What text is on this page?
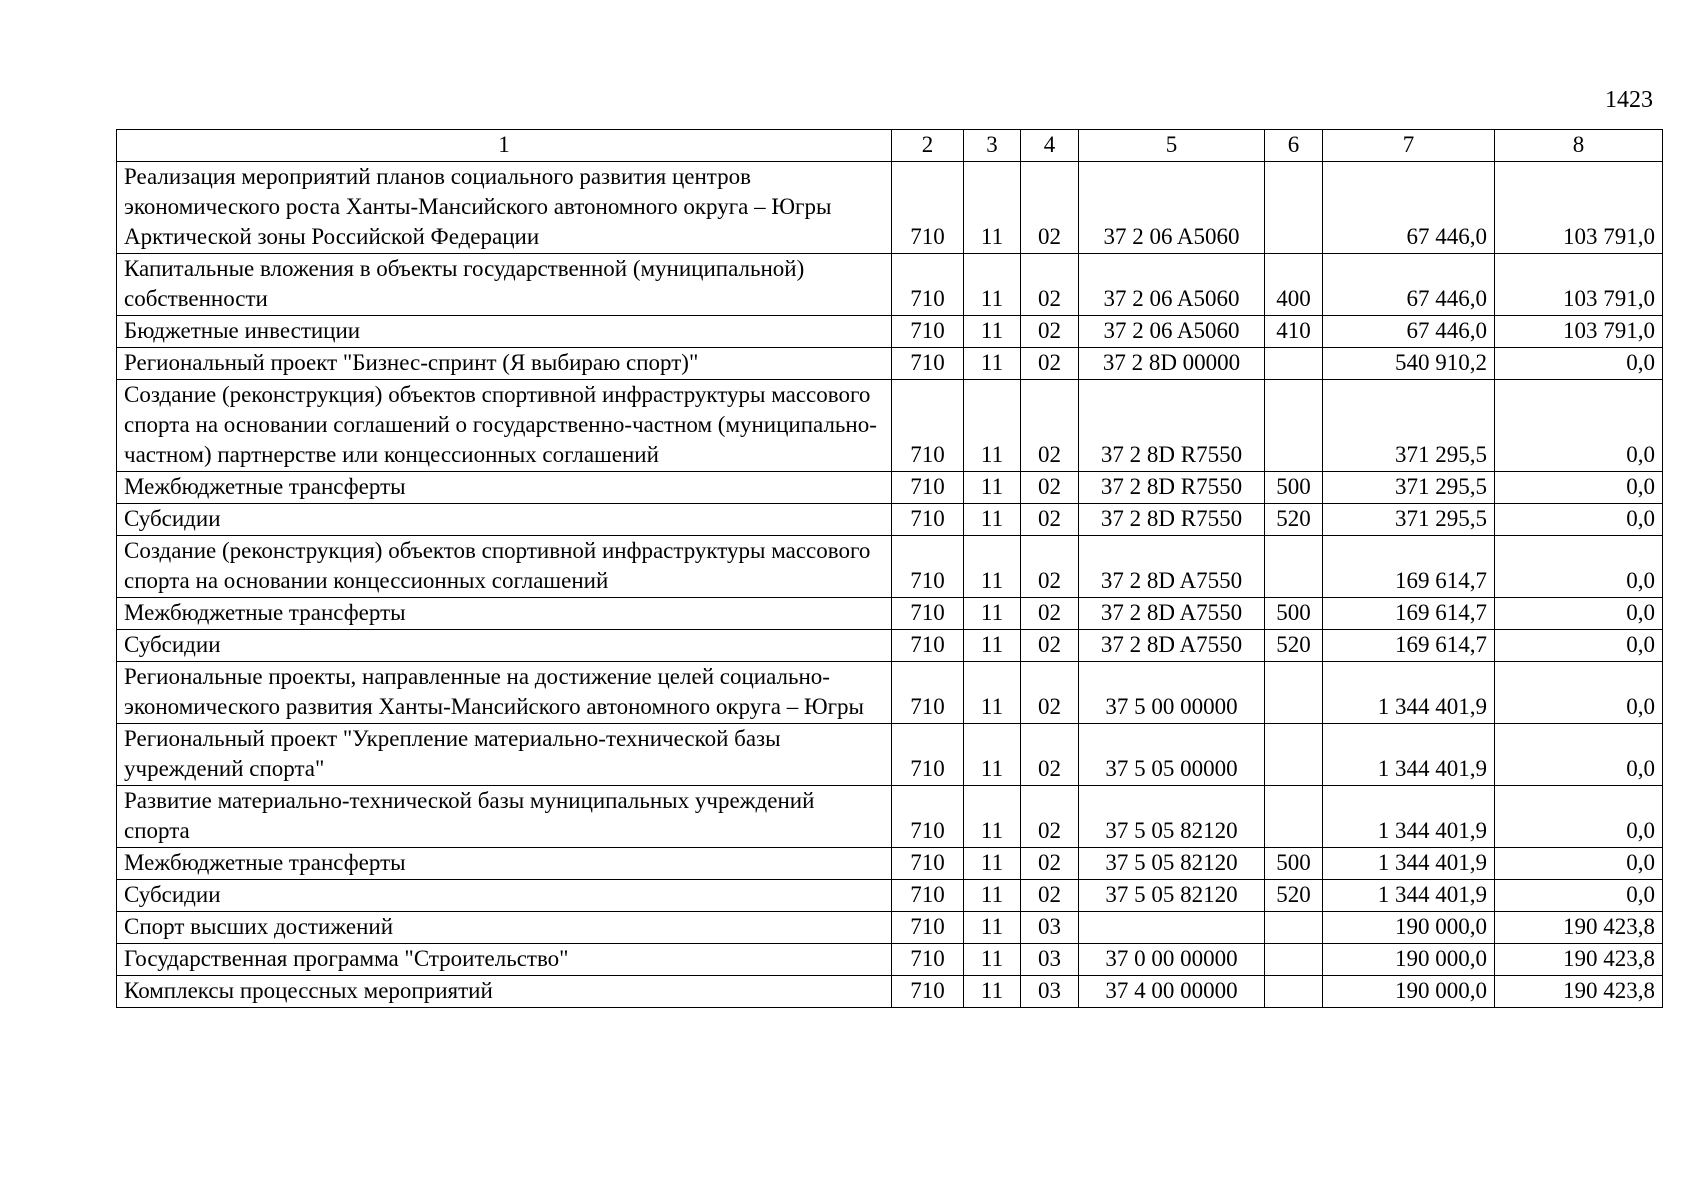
1423
1	2	3	4	5	6	7	8
Реализация мероприятий планов социального развития центров экономического роста Ханты-Мансийского автономного округа – Югры Арктической зоны Российской Федерации	710	11	02	37 2 06 A5060		67 446,0	103 791,0
Капитальные вложения в объекты государственной (муниципальной) собственности	710	11	02	37 2 06 A5060	400	67 446,0	103 791,0
Бюджетные инвестиции	710	11	02	37 2 06 A5060	410	67 446,0	103 791,0
Региональный проект "Бизнес-спринт (Я выбираю спорт)"	710	11	02	37 2 8D 00000		540 910,2	0,0
Создание (реконструкция) объектов спортивной инфраструктуры массового спорта на основании соглашений о государственно-частном (муниципально-частном) партнерстве или концессионных соглашений	710	11	02	37 2 8D R7550		371 295,5	0,0
Межбюджетные трансферты	710	11	02	37 2 8D R7550	500	371 295,5	0,0
Субсидии	710	11	02	37 2 8D R7550	520	371 295,5	0,0
Создание (реконструкция) объектов спортивной инфраструктуры массового спорта на основании концессионных соглашений	710	11	02	37 2 8D A7550		169 614,7	0,0
Межбюджетные трансферты	710	11	02	37 2 8D A7550	500	169 614,7	0,0
Субсидии	710	11	02	37 2 8D A7550	520	169 614,7	0,0
Региональные проекты, направленные на достижение целей социально-экономического развития Ханты-Мансийского автономного округа – Югры	710	11	02	37 5 00 00000		1 344 401,9	0,0
Региональный проект "Укрепление материально-технической базы учреждений спорта"	710	11	02	37 5 05 00000		1 344 401,9	0,0
Развитие материально-технической базы муниципальных учреждений спорта	710	11	02	37 5 05 82120		1 344 401,9	0,0
Межбюджетные трансферты	710	11	02	37 5 05 82120	500	1 344 401,9	0,0
Субсидии	710	11	02	37 5 05 82120	520	1 344 401,9	0,0
Спорт высших достижений	710	11	03			190 000,0	190 423,8
Государственная программа "Строительство"	710	11	03	37 0 00 00000		190 000,0	190 423,8
Комплексы процессных мероприятий	710	11	03	37 4 00 00000		190 000,0	190 423,8
